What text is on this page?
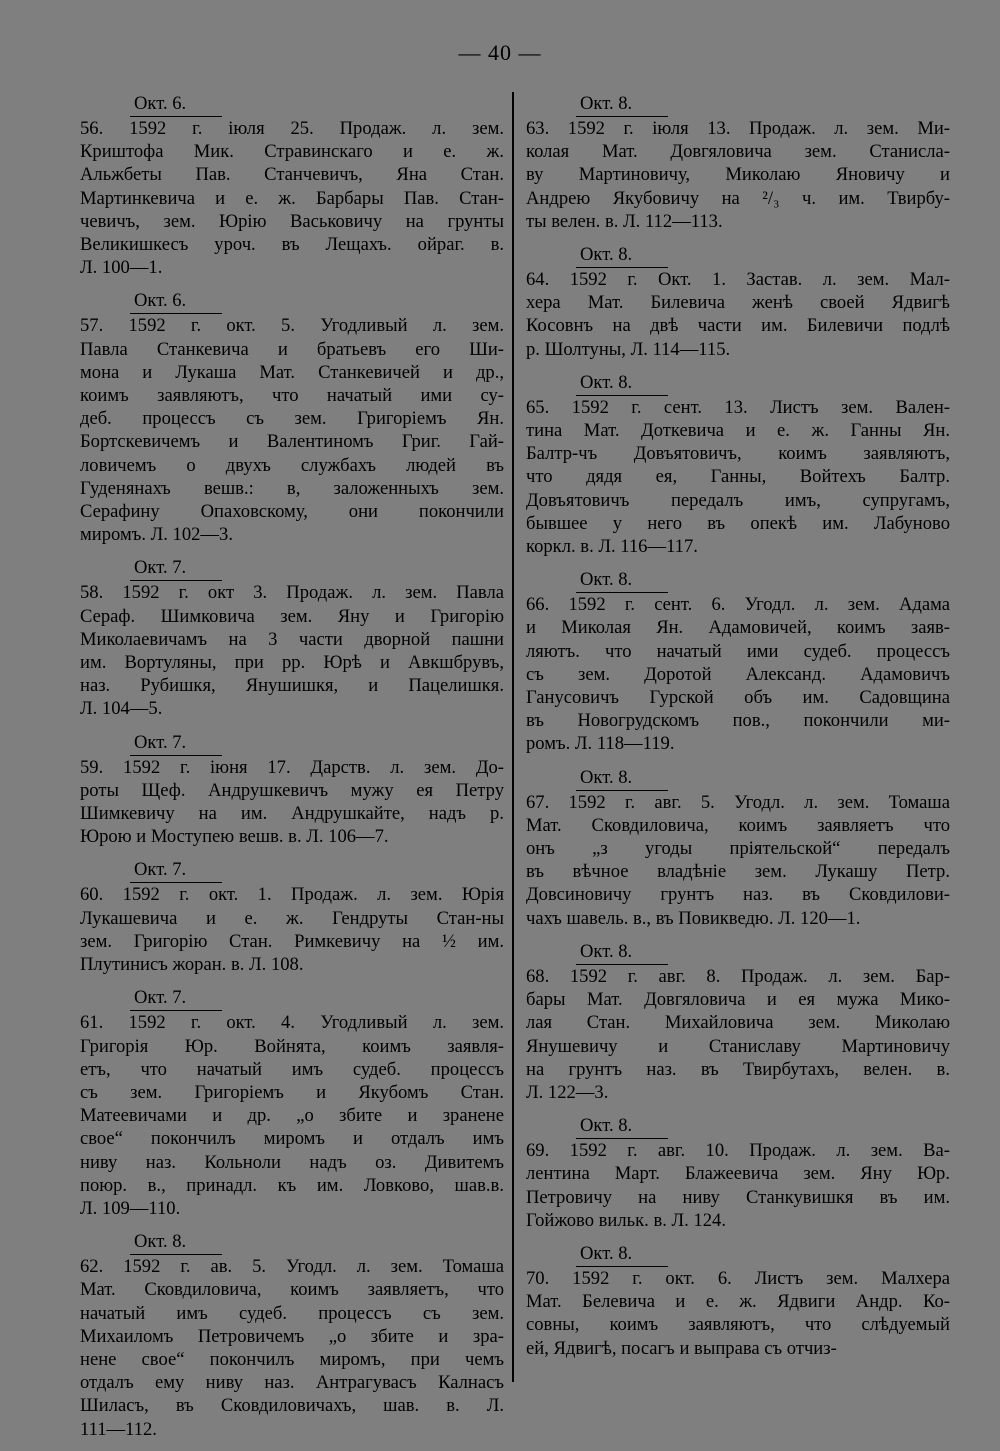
— 40 —
Окт. 6.
56. 1592 г. іюля 25. Продаж. л. зем.
Криштофа Мик. Стравинскаго и е. ж.
Альжбеты Пав. Станчевичъ, Яна Стан.
Мартинкевича и е. ж. Барбары Пав. Стан-
чевичъ, зем. Юрію Васьковичу на грунты
Великишкесъ уроч. въ Лещахъ. ойраг. в.
Л. 100—1.
Окт. 6.
57. 1592 г. окт. 5. Угодливый л. зем.
Павла Станкевича и братьевъ его Ши-
мона и Лукаша Мат. Станкевичей и др.,
коимъ заявляютъ, что начатый ими су-
деб. процессъ съ зем. Григоріемъ Ян.
Бортскевичемъ и Валентиномъ Григ. Гай-
ловичемъ о двухъ службахъ людей въ
Гуденянахъ вешв.: в, заложенныхъ зем.
Серафину Опаховскому, они покончили
миромъ. Л. 102—3.
Окт. 7.
58. 1592 г. окт 3. Продаж. л. зем. Павла
Сераф. Шимковича зем. Яну и Григорію
Миколаевичамъ на 3 части дворной пашни
им. Вортуляны, при рр. Юрѣ и Авкшбрувъ,
наз. Рубишкя, Янушишкя, и Пацелишкя.
Л. 104—5.
Окт. 7.
59. 1592 г. іюня 17. Дарств. л. зем. До-
роты Щеф. Андрушкевичъ мужу ея Петру
Шимкевичу на им. Андрушкайте, надъ р.
Юрою и Моступею вешв. в. Л. 106—7.
Окт. 7.
60. 1592 г. окт. 1. Продаж. л. зем. Юрія
Лукашевича и е. ж. Гендруты Стан-ны
зем. Григорію Стан. Римкевичу на ½ им.
Плутинисъ жоран. в. Л. 108.
Окт. 7.
61. 1592 г. окт. 4. Угодливый л. зем.
Григорія Юр. Войнята, коимъ заявля-
етъ, что начатый имъ судеб. процессъ
съ зем. Григоріемъ и Якубомъ Стан.
Матеевичами и др. „о збите и зранене
свое“ покончилъ миромъ и отдалъ имъ
ниву наз. Кольноли надъ оз. Дивитемъ
поюр. в., принадл. къ им. Ловково, шав.в.
Л. 109—110.
Окт. 8.
62. 1592 г. ав. 5. Угодл. л. зем. Томаша
Мат. Сковдиловича, коимъ заявляетъ, что
начатый имъ судеб. процессъ съ зем.
Михаиломъ Петровичемъ „о збите и зра-
нене свое“ покончилъ миромъ, при чемъ
отдалъ ему ниву наз. Антрагувасъ Калнасъ
Шиласъ, въ Сковдиловичахъ, шав. в. Л.
111—112.
Окт. 8.
63. 1592 г. іюля 13. Продаж. л. зем. Ми-
колая Мат. Довгяловича зем. Станисла-
ву Мартиновичу, Миколаю Яновичу и
Андрею Якубовичу на ²/₃ ч. им. Твирбу-
ты велен. в. Л. 112—113.
Окт. 8.
64. 1592 г. Окт. 1. Застав. л. зем. Мал-
хера Мат. Билевича женѣ своей Ядвигѣ
Косовнъ на двѣ части им. Билевичи подлѣ
р. Шолтуны, Л. 114—115.
Окт. 8.
65. 1592 г. сент. 13. Листъ зем. Вален-
тина Мат. Доткевича и е. ж. Ганны Ян.
Балтр-чъ Довъятовичъ, коимъ заявляютъ,
что дядя ея, Ганны, Войтехъ Балтр.
Довъятовичъ передалъ имъ, супругамъ,
бывшее у него въ опекѣ им. Лабуново
коркл. в. Л. 116—117.
Окт. 8.
66. 1592 г. сент. 6. Угодл. л. зем. Адама
и Миколая Ян. Адамовичей, коимъ заяв-
ляютъ. что начатый ими судеб. процессъ
съ зем. Доротой Александ. Адамовичъ
Ганусовичъ Гурской объ им. Садовщина
въ Новогрудскомъ пов., покончили ми-
ромъ. Л. 118—119.
Окт. 8.
67. 1592 г. авг. 5. Угодл. л. зем. Томаша
Мат. Сковдиловича, коимъ заявляетъ что
онъ „з угоды пріятельской“ передалъ
въ вѣчное владѣніе зем. Лукашу Петр.
Довсиновичу грунтъ наз. въ Сковдилови-
чахъ шавель. в., въ Повикведю. Л. 120—1.
Окт. 8.
68. 1592 г. авг. 8. Продаж. л. зем. Бар-
бары Мат. Довгяловича и ея мужа Мико-
лая Стан. Михайловича зем. Миколаю
Янушевичу и Станиславу Мартиновичу
на грунтъ наз. въ Твирбутахъ, велен. в.
Л. 122—3.
Окт. 8.
69. 1592 г. авг. 10. Продаж. л. зем. Ва-
лентина Март. Блажеевича зем. Яну Юр.
Петровичу на ниву Станкувишкя въ им.
Гойжово вильк. в. Л. 124.
Окт. 8.
70. 1592 г. окт. 6. Листъ зем. Малхера
Мат. Белевича и е. ж. Ядвиги Андр. Ко-
совны, коимъ заявляютъ, что слѣдуемый
ей, Ядвигѣ, посагъ и выправа съ отчиз-
